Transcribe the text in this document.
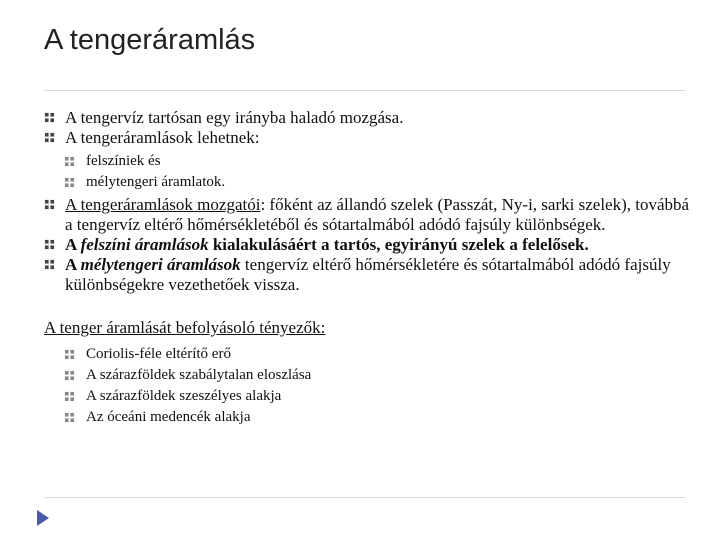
A tengeráramlás
A tengervíz tartósan egy irányba haladó mozgása.
A tengeráramlások lehetnek:
felszíniek és
mélytengeri áramlatok.
A tengeráramlások mozgatói: főként az állandó szelek (Passzát, Ny-i, sarki szelek), továbbá a tengervíz eltérő hőmérsékletéből és sótartalmából adódó fajsúly különbségek.
A felszíni áramlások kialakulásáért a tartós, egyirányú szelek a felelősek.
A mélytengeri áramlások tengervíz eltérő hőmérsékletére és sótartalmából adódó fajsúly különbségekre vezethetőek vissza.
A tenger áramlását befolyásoló tényezők:
Coriolis-féle eltérítő erő
A szárazföldek szabálytalan eloszlása
A szárazföldek szeszélyes alakja
Az óceáni medencék alakja
